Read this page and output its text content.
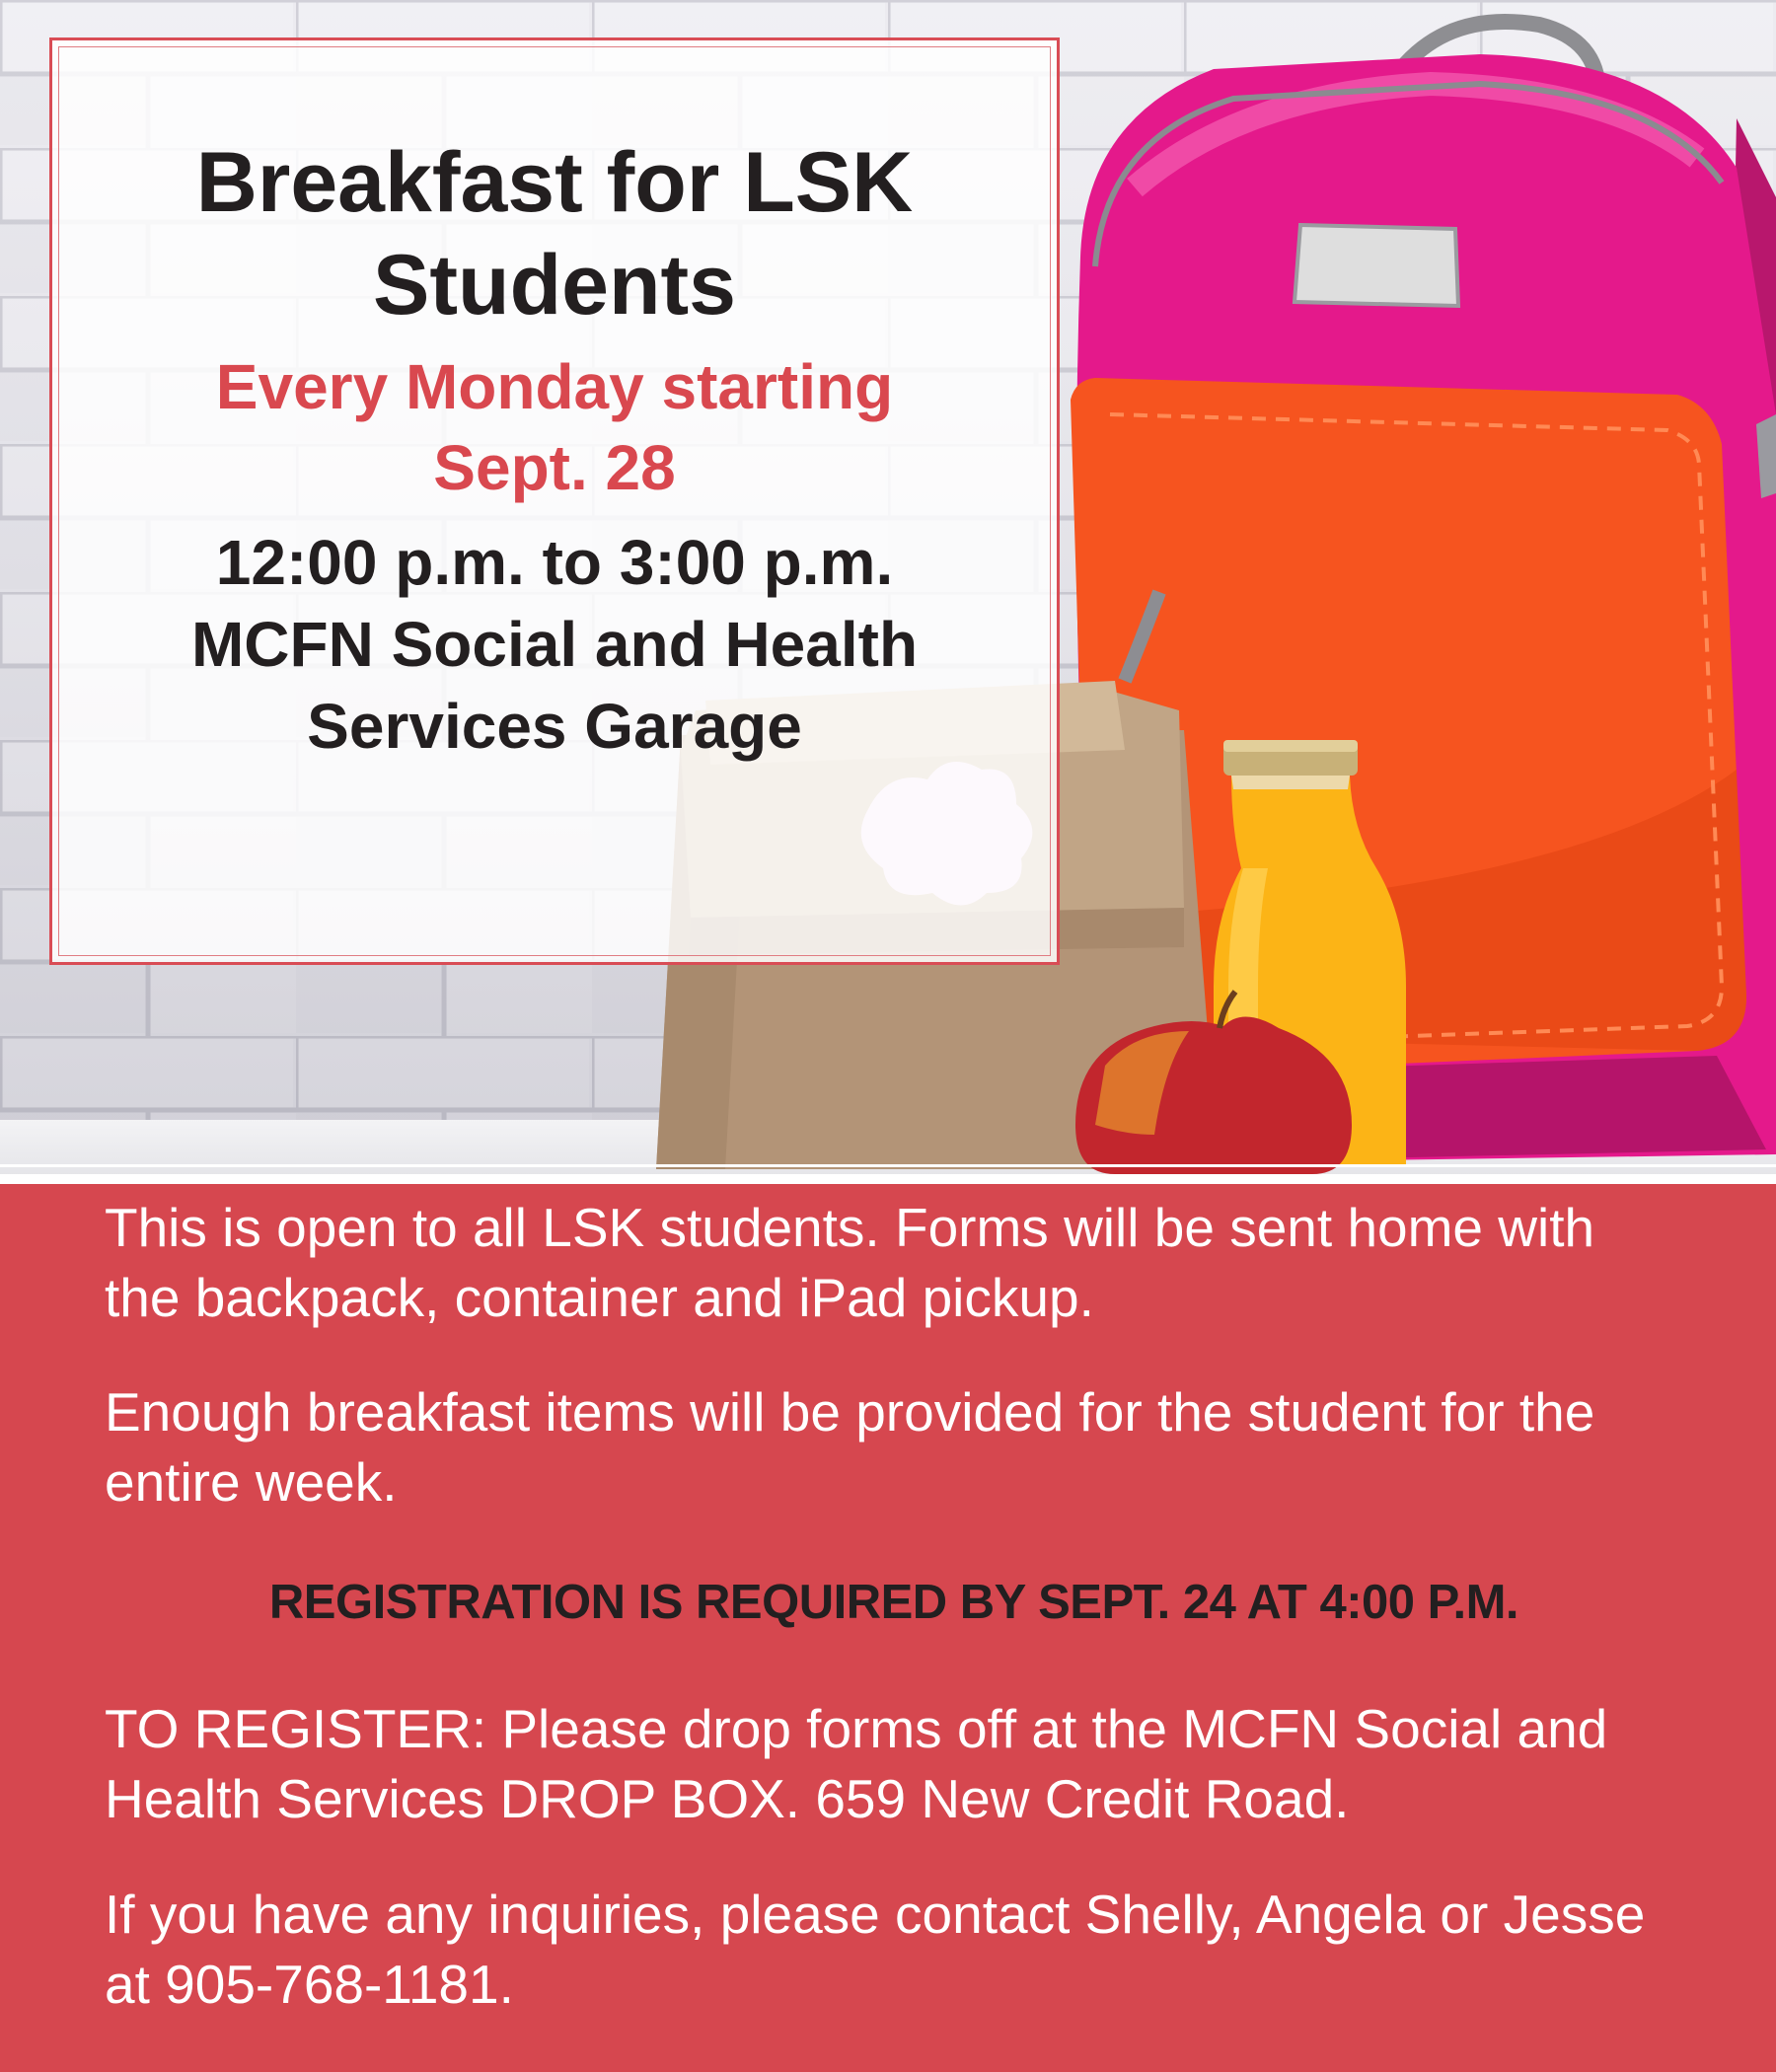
Breakfast for LSK Students

Every Monday starting
Sept. 28

12:00 p.m. to 3:00 p.m.

MCFN Social and Health
Services Garage

This is open to all LSK students. Forms will be sent home with the backpack, container and iPad pickup.

Enough breakfast items will be provided for the student for the entire week.

REGISTRATION IS REQUIRED BY SEPT. 24 AT 4:00 P.M.

TO REGISTER: Please drop forms off at the MCFN Social and Health Services DROP BOX. 659 New Credit Road.

If you have any inquiries, please contact Shelly, Angela or Jesse at 905-768-1181.
